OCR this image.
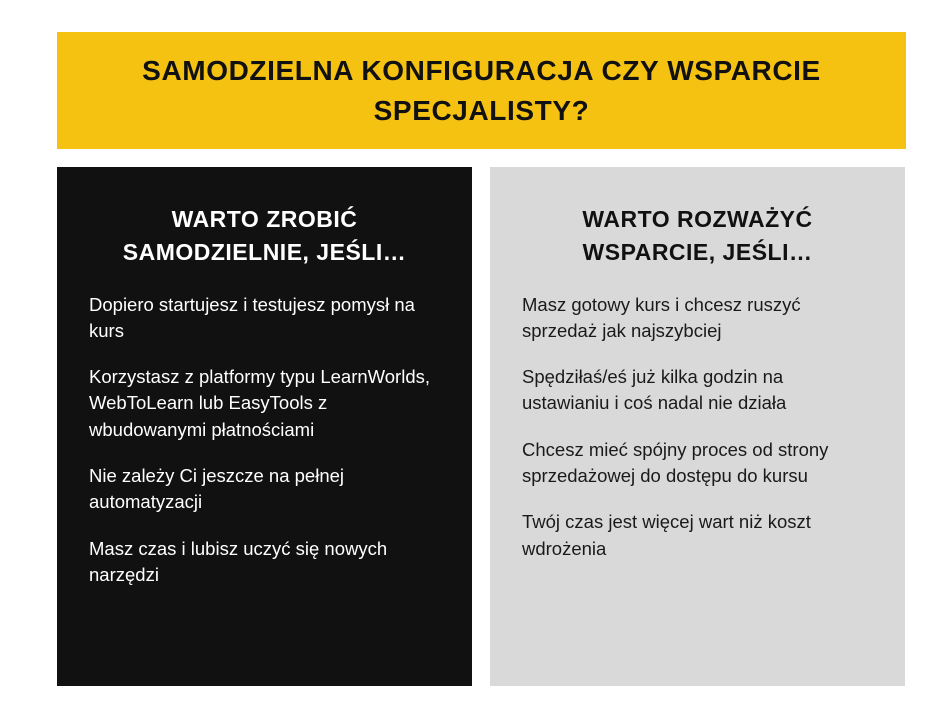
SAMODZIELNA KONFIGURACJA CZY WSPARCIE SPECJALISTY?
WARTO ZROBIĆ SAMODZIELNIE, JEŚLI…
Dopiero startujesz i testujesz pomysł na kurs
Korzystasz z platformy typu LearnWorlds, WebToLearn lub EasyTools z wbudowanymi płatnościami
Nie zależy Ci jeszcze na pełnej automatyzacji
Masz czas i lubisz uczyć się nowych narzędzi
WARTO ROZWAŻYĆ WSPARCIE, JEŚLI…
Masz gotowy kurs i chcesz ruszyć sprzedaż jak najszybciej
Spędziłaś/eś już kilka godzin na ustawianiu i coś nadal nie działa
Chcesz mieć spójny proces od strony sprzedażowej do dostępu do kursu
Twój czas jest więcej wart niż koszt wdrożenia
